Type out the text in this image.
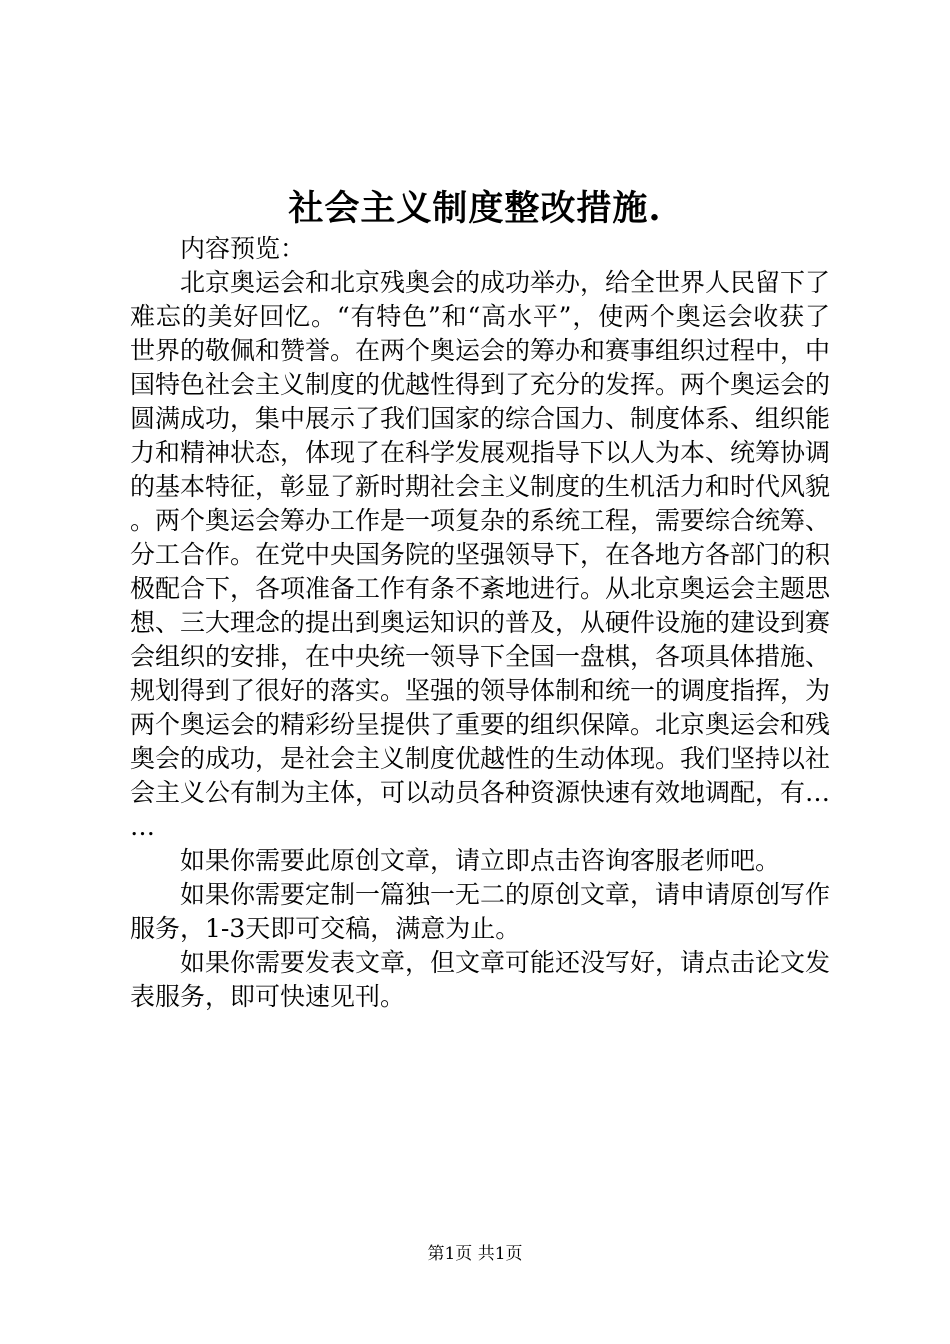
社会主义制度整改措施.

内容预览：

北京奥运会和北京残奥会的成功举办，给全世界人民留下了难忘的美好回忆。“有特色”和“高水平”，使两个奥运会收获了世界的敬佩和赞誉。在两个奥运会的筹办和赛事组织过程中，中国特色社会主义制度的优越性得到了充分的发挥。两个奥运会的圆满成功，集中展示了我们国家的综合国力、制度体系、组织能力和精神状态，体现了在科学发展观指导下以人为本、统筹协调的基本特征，彰显了新时期社会主义制度的生机活力和时代风貌。两个奥运会筹办工作是一项复杂的系统工程，需要综合统筹、分工合作。在党中央国务院的坚强领导下，在各地方各部门的积极配合下，各项准备工作有条不紊地进行。从北京奥运会主题思想、三大理念的提出到奥运知识的普及，从硬件设施的建设到赛会组织的安排，在中央统一领导下全国一盘棋，各项具体措施、规划得到了很好的落实。坚强的领导体制和统一的调度指挥，为两个奥运会的精彩纷呈提供了重要的组织保障。北京奥运会和残奥会的成功，是社会主义制度优越性的生动体现。我们坚持以社会主义公有制为主体，可以动员各种资源快速有效地调配，有……

如果你需要此原创文章，请立即点击咨询客服老师吧。

如果你需要定制一篇独一无二的原创文章，请申请原创写作服务，1-3天即可交稿，满意为止。

如果你需要发表文章，但文章可能还没写好，请点击论文发表服务，即可快速见刊。

第1页 共1页
